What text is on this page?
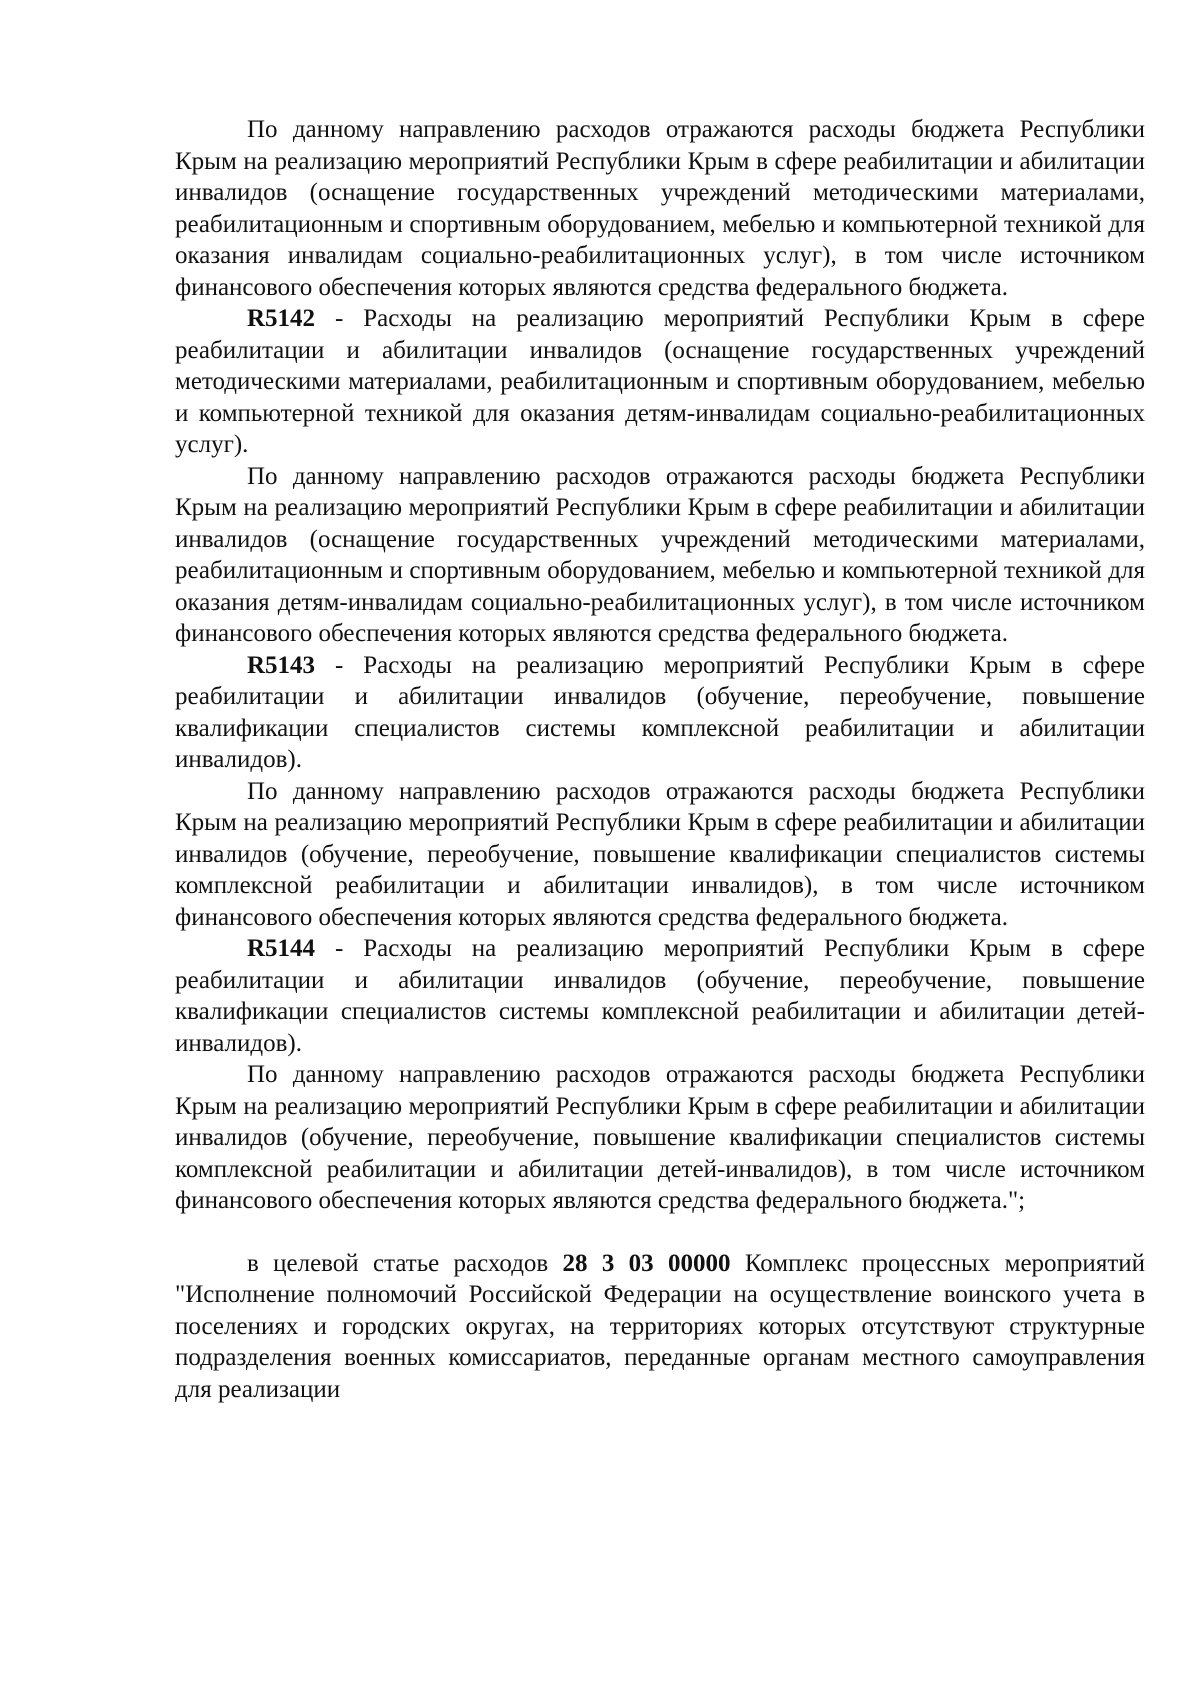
По данному направлению расходов отражаются расходы бюджета Республики Крым на реализацию мероприятий Республики Крым в сфере реабилитации и абилитации инвалидов (оснащение государственных учреждений методическими материалами, реабилитационным и спортивным оборудованием, мебелью и компьютерной техникой для оказания инвалидам социально-реабилитационных услуг), в том числе источником финансового обеспечения которых являются средства федерального бюджета.

R5142 - Расходы на реализацию мероприятий Республики Крым в сфере реабилитации и абилитации инвалидов (оснащение государственных учреждений методическими материалами, реабилитационным и спортивным оборудованием, мебелью и компьютерной техникой для оказания детям-инвалидам социально-реабилитационных услуг).

По данному направлению расходов отражаются расходы бюджета Республики Крым на реализацию мероприятий Республики Крым в сфере реабилитации и абилитации инвалидов (оснащение государственных учреждений методическими материалами, реабилитационным и спортивным оборудованием, мебелью и компьютерной техникой для оказания детям-инвалидам социально-реабилитационных услуг), в том числе источником финансового обеспечения которых являются средства федерального бюджета.

R5143 - Расходы на реализацию мероприятий Республики Крым в сфере реабилитации и абилитации инвалидов (обучение, переобучение, повышение квалификации специалистов системы комплексной реабилитации и абилитации инвалидов).

По данному направлению расходов отражаются расходы бюджета Республики Крым на реализацию мероприятий Республики Крым в сфере реабилитации и абилитации инвалидов (обучение, переобучение, повышение квалификации специалистов системы комплексной реабилитации и абилитации инвалидов), в том числе источником финансового обеспечения которых являются средства федерального бюджета.

R5144 - Расходы на реализацию мероприятий Республики Крым в сфере реабилитации и абилитации инвалидов (обучение, переобучение, повышение квалификации специалистов системы комплексной реабилитации и абилитации детей-инвалидов).

По данному направлению расходов отражаются расходы бюджета Республики Крым на реализацию мероприятий Республики Крым в сфере реабилитации и абилитации инвалидов (обучение, переобучение, повышение квалификации специалистов системы комплексной реабилитации и абилитации детей-инвалидов), в том числе источником финансового обеспечения которых являются средства федерального бюджета.";

в целевой статье расходов 28 3 03 00000 Комплекс процессных мероприятий "Исполнение полномочий Российской Федерации на осуществление воинского учета в поселениях и городских округах, на территориях которых отсутствуют структурные подразделения военных комиссариатов, переданные органам местного самоуправления для реализации
